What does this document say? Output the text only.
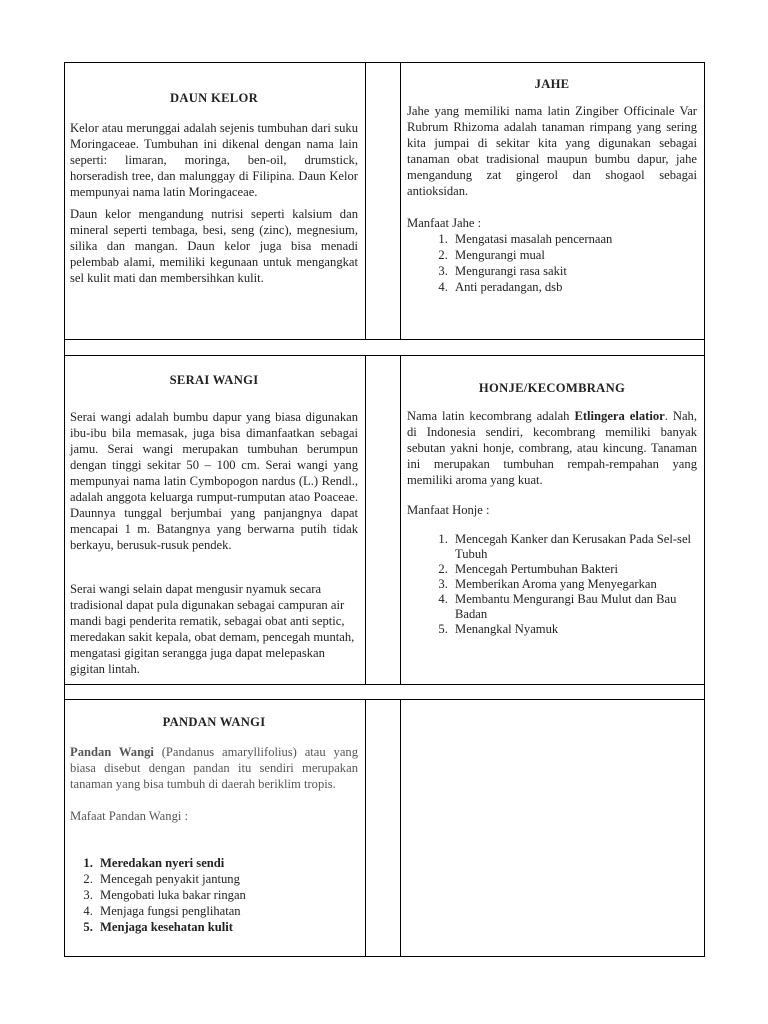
DAUN KELOR

Kelor atau merunggai adalah sejenis tumbuhan dari suku Moringaceae. Tumbuhan ini dikenal dengan nama lain seperti: limaran, moringa, ben-oil, drumstick, horseradish tree, dan malunggay di Filipina. Daun Kelor mempunyai nama latin Moringaceae.

Daun kelor mengandung nutrisi seperti kalsium dan mineral seperti tembaga, besi, seng (zinc), megnesium, silika dan mangan. Daun kelor juga bisa menadi pelembab alami, memiliki kegunaan untuk mengangkat sel kulit mati dan membersihkan kulit.

JAHE

Jahe yang memiliki nama latin Zingiber Officinale Var Rubrum Rhizoma adalah tanaman rimpang yang sering kita jumpai di sekitar kita yang digunakan sebagai tanaman obat tradisional maupun bumbu dapur, jahe mengandung zat gingerol dan shogaol sebagai antioksidan.

Manfaat Jahe :

1. Mengatasi masalah pencernaan
2. Mengurangi mual
3. Mengurangi rasa sakit
4. Anti peradangan, dsb
SERAI WANGI

Serai wangi adalah bumbu dapur yang biasa digunakan ibu-ibu bila memasak, juga bisa dimanfaatkan sebagai jamu. Serai wangi merupakan tumbuhan berumpun dengan tinggi sekitar 50 – 100 cm. Serai wangi yang mempunyai nama latin Cymbopogon nardus (L.) Rendl., adalah anggota keluarga rumput-rumputan atao Poaceae. Daunnya tunggal berjumbai yang panjangnya dapat mencapai 1 m. Batangnya yang berwarna putih tidak berkayu, berusuk-rusuk pendek.

Serai wangi selain dapat mengusir nyamuk secara tradisional dapat pula digunakan sebagai campuran air mandi bagi penderita rematik, sebagai obat anti septic, meredakan sakit kepala, obat demam, pencegah muntah, mengatasi gigitan serangga juga dapat melepaskan gigitan lintah.

HONJE/KECOMBRANG

Nama latin kecombrang adalah Etlingera elatior. Nah, di Indonesia sendiri, kecombrang memiliki banyak sebutan yakni honje, combrang, atau kincung. Tanaman ini merupakan tumbuhan rempah-rempahan yang memiliki aroma yang kuat.

Manfaat Honje :

1. Mencegah Kanker dan Kerusakan Pada Sel-sel Tubuh
2. Mencegah Pertumbuhan Bakteri
3. Memberikan Aroma yang Menyegarkan
4. Membantu Mengurangi Bau Mulut dan Bau Badan
5. Menangkal Nyamuk
PANDAN WANGI

Pandan Wangi (Pandanus amaryllifolius) atau yang biasa disebut dengan pandan itu sendiri merupakan tanaman yang bisa tumbuh di daerah beriklim tropis.

Mafaat Pandan Wangi :

1. Meredakan nyeri sendi
2. Mencegah penyakit jantung
3. Mengobati luka bakar ringan
4. Menjaga fungsi penglihatan
5. Menjaga kesehatan kulit
